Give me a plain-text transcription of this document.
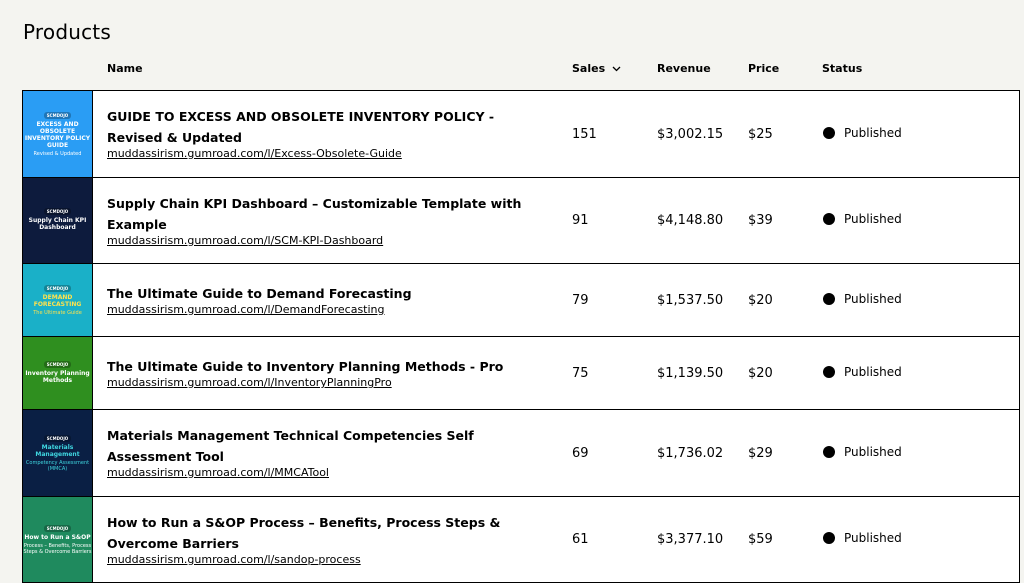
Products
Name	Sales	Revenue	Price	Status
SCMDOJO
EXCESS AND OBSOLETE INVENTORY POLICY GUIDE
Revised & Updated
GUIDE TO EXCESS AND OBSOLETE INVENTORY POLICY - Revised & Updated
muddassirism.gumroad.com/l/Excess-Obsolete-Guide
151	$3,002.15 $25	Published
SCMDOJO
Supply Chain KPI Dashboard
Supply Chain KPI Dashboard – Customizable Template with Example
muddassirism.gumroad.com/l/SCM-KPI-Dashboard
91	$4,148.80 $39	Published
SCMDOJO
DEMAND FORECASTING
The Ultimate Guide
The Ultimate Guide to Demand Forecasting
muddassirism.gumroad.com/l/DemandForecasting
79	$1,537.50 $20	Published
SCMDOJO
Inventory Planning Methods
The Ultimate Guide to Inventory Planning Methods - Pro
muddassirism.gumroad.com/l/InventoryPlanningPro
75	$1,139.50 $20	Published
SCMDOJO
Materials Management
Competency Assessment (MMCA)
Materials Management Technical Competencies Self Assessment Tool
muddassirism.gumroad.com/l/MMCATool
69	$1,736.02 $29	Published
SCMDOJO
How to Run a S&OP
Process – Benefits, Process Steps & Overcome Barriers
How to Run a S&OP Process – Benefits, Process Steps & Overcome Barriers
muddassirism.gumroad.com/l/sandop-process
61	$3,377.10 $59	Published
